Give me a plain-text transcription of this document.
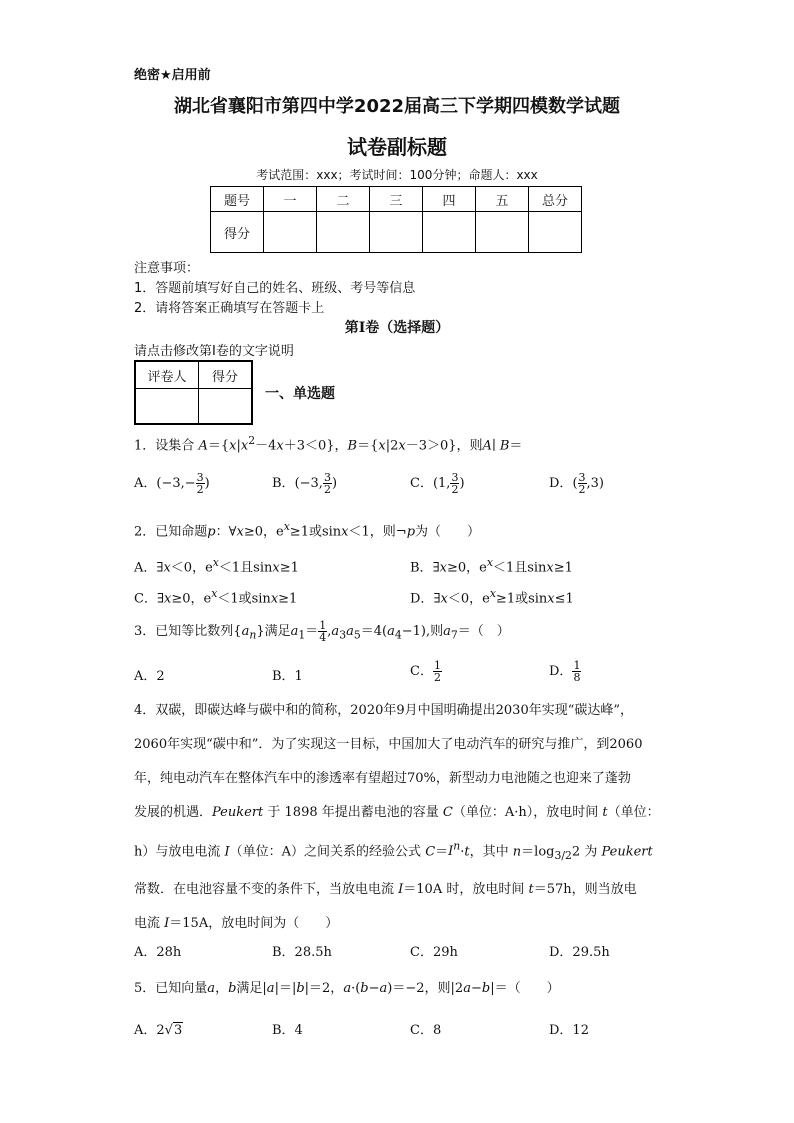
绝密★启用前
湖北省襄阳市第四中学2022届高三下学期四模数学试题
试卷副标题
考试范围：xxx；考试时间：100分钟；命题人：xxx
题号	一	二	三	四	五	总分
得分						
注意事项：
1．答题前填写好自己的姓名、班级、考号等信息
2．请将答案正确填写在答题卡上
第I卷（选择题）
请点击修改第I卷的文字说明
评卷人	得分

一、单选题
1．设集合 $A=\{x|x^2-4x+3<0\}$，B＝{x|2x－3＞0}，则A∣ B＝
A．($-3,- \frac{3}{2}$ )	B．(−3, $\frac{3}{2}$ )	C．(1, $\frac{3}{2}$ )	D．( $\frac{3}{2} ,3$)
2．已知命题p：∀x≥0，$e^x\ge 1$或sinx＜1，则¬p为（　　）
A．∃x＜0，$e^x<1$且sinx≥1	B．∃x≥0，$e^x<1$且sinx≥1
C．∃x≥0，$e^x<1$或sinx≥1	D．∃x＜0，$e^x\ge 1$或sinx≤1
3．已知等比数列$\{a_n\}$满足$a_1= \frac{1}{4} ,a_3a_5=4(a_4-1)$,则$a_7=$（　）
A．2	B．1	C． $\frac{1}{2}$	D． $\frac{1}{8}$

4．双碳，即碳达峰与碳中和的简称，2020年9月中国明确提出2030年实现“碳达峰”，

2060年实现“碳中和”．为了实现这一目标，中国加大了电动汽车的研究与推广，到2060

年，纯电动汽车在整体汽车中的渗透率有望超过70%，新型动力电池随之也迎来了蓬勃

发展的机遇．Peukert 于 1898 年提出蓄电池的容量 C（单位：A·h），放电时间 t（单位：

h）与放电电流 I（单位：A）之间关系的经验公式 $C=I^n\cdot t$，其中 $n=\log_{3/2}2$ 为 Peukert

常数．在电池容量不变的条件下，当放电电流 I＝10A 时，放电时间 t＝57h，则当放电

电流 I＝15A，放电时间为（　　）

A．28h	B．28.5h	C．29h	D．29.5h
5．已知向量a，b满足|a|＝|b|＝2，a·(b−a)＝−2，则|2a−b|＝（　　）
A．2√3	B．4	C．8	D．12
